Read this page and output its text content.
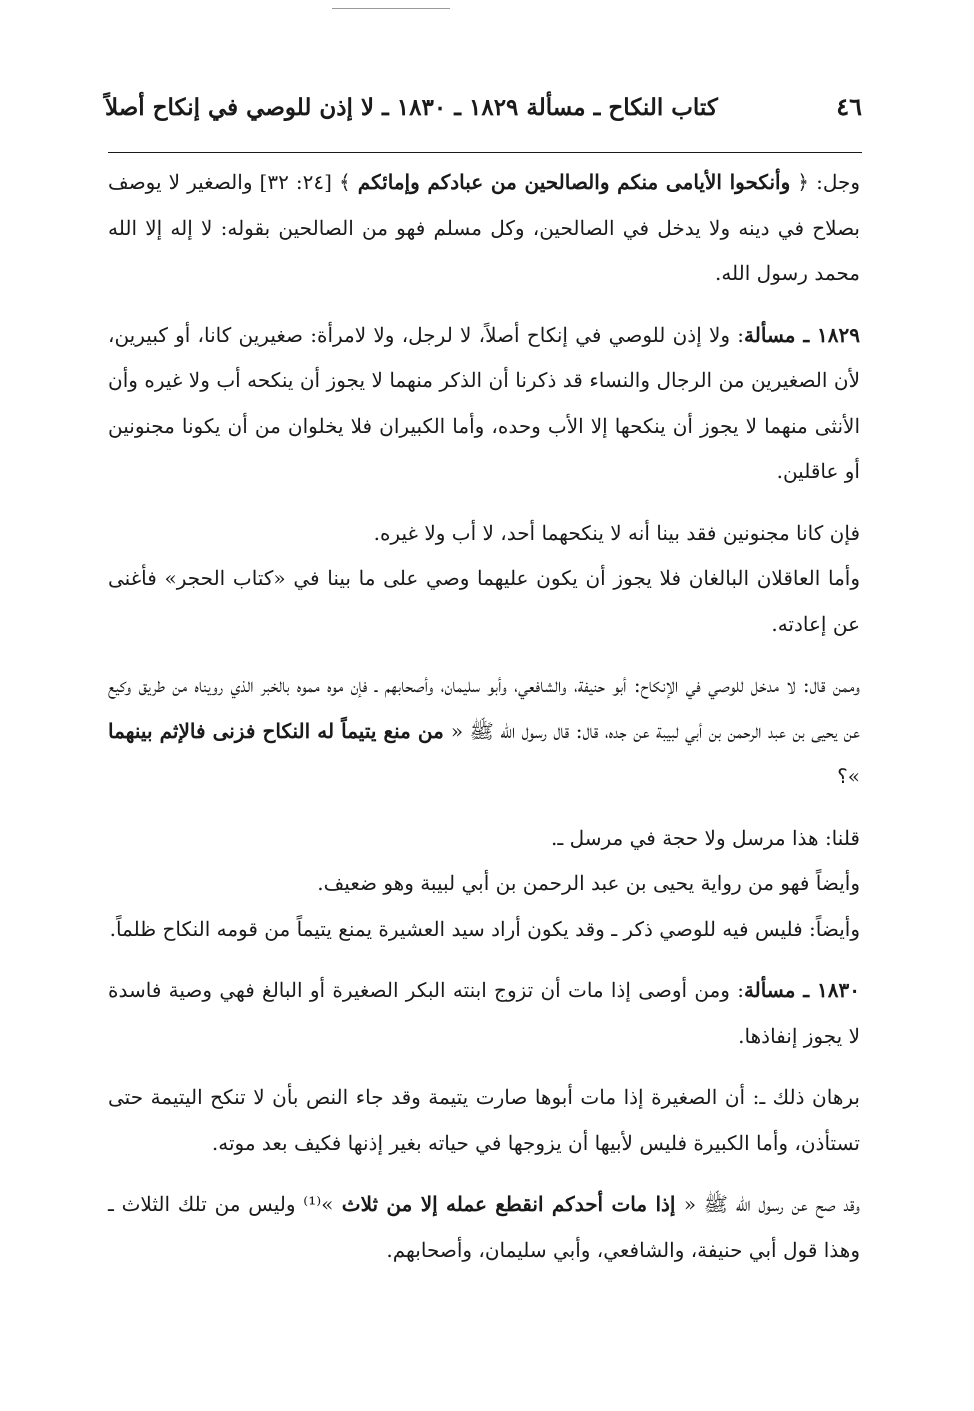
٤٦
كتاب النكاح ـ مسألة ١٨٢٩ ـ ١٨٣٠ ـ لا إذن للوصي في إنكاح أصلاً

وجل: ﴿ وأنكحوا الأيامى منكم والصالحين من عبادكم وإمائكم ﴾ [٢٤: ٣٢] والصغير لا يوصف بصلاح في دينه ولا يدخل في الصالحين، وكل مسلم فهو من الصالحين بقوله: لا إله إلا الله محمد رسول الله.

١٨٢٩ ـ مسألة: ولا إذن للوصي في إنكاح أصلاً، لا لرجل، ولا لامرأة: صغيرين كانا، أو كبيرين، لأن الصغيرين من الرجال والنساء قد ذكرنا أن الذكر منهما لا يجوز أن ينكحه أب ولا غيره وأن الأنثى منهما لا يجوز أن ينكحها إلا الأب وحده، وأما الكبيران فلا يخلوان من أن يكونا مجنونين أو عاقلين.

فإن كانا مجنونين فقد بينا أنه لا ينكحهما أحد، لا أب ولا غيره.

وأما العاقلان البالغان فلا يجوز أن يكون عليهما وصي على ما بينا في «كتاب الحجر» فأغنى عن إعادته.

وممن قال: لا مدخل للوصي في الإنكاح: أبو حنيفة، والشافعي، وأبو سليمان، وأصحابهم ـ فإن موه مموه بالخبر الذي رويناه من طريق وكيع عن يحيى بن عبد الرحمن بن أبي لبيبة عن جده، قال: قال رسول الله ﷺ « من منع يتيماً له النكاح فزنى فالإثم بينهما »؟

قلنا: هذا مرسل ولا حجة في مرسل ـ.

وأيضاً فهو من رواية يحيى بن عبد الرحمن بن أبي لبيبة وهو ضعيف.

وأيضاً: فليس فيه للوصي ذكر ـ وقد يكون أراد سيد العشيرة يمنع يتيماً من قومه النكاح ظلماً.

١٨٣٠ ـ مسألة: ومن أوصى إذا مات أن تزوج ابنته البكر الصغيرة أو البالغ فهي وصية فاسدة لا يجوز إنفاذها.

برهان ذلك ـ: أن الصغيرة إذا مات أبوها صارت يتيمة وقد جاء النص بأن لا تنكح اليتيمة حتى تستأذن، وأما الكبيرة فليس لأبيها أن يزوجها في حياته بغير إذنها فكيف بعد موته.

وقد صح عن رسول الله ﷺ « إذا مات أحدكم انقطع عمله إلا من ثلاث »⁽¹⁾ وليس من تلك الثلاث ـ وهذا قول أبي حنيفة، والشافعي، وأبي سليمان، وأصحابهم.
